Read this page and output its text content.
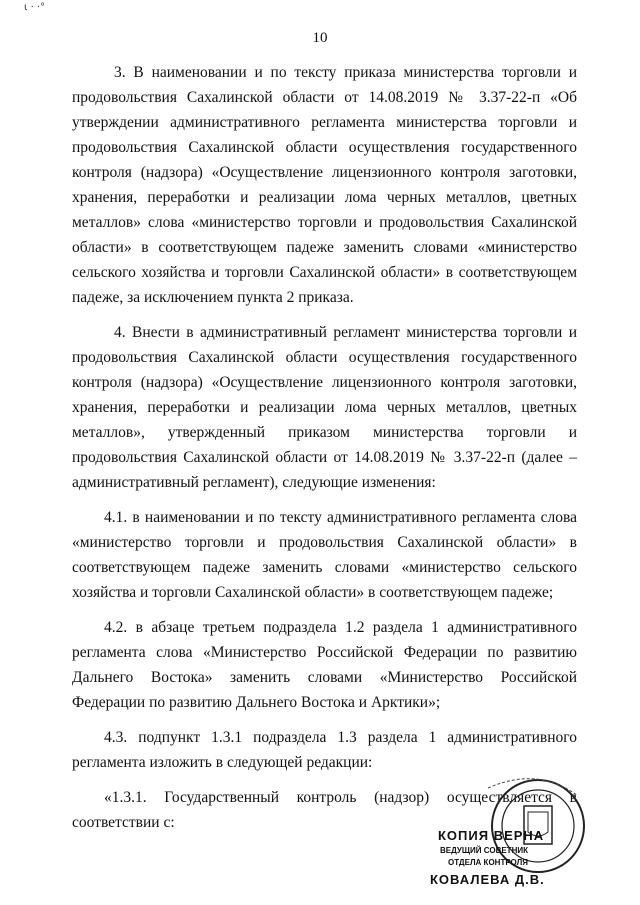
ι · ·°
10

3. В наименовании и по тексту приказа министерства торговли и продовольствия Сахалинской области от 14.08.2019 № 3.37-22-п «Об утверждении административного регламента министерства торговли и продовольствия Сахалинской области осуществления государственного контроля (надзора) «Осуществление лицензионного контроля заготовки, хранения, переработки и реализации лома черных металлов, цветных металлов» слова «министерство торговли и продовольствия Сахалинской области» в соответствующем падеже заменить словами «министерство сельского хозяйства и торговли Сахалинской области» в соответствующем падеже, за исключением пункта 2 приказа.

4. Внести в административный регламент министерства торговли и продовольствия Сахалинской области осуществления государственного контроля (надзора) «Осуществление лицензионного контроля заготовки, хранения, переработки и реализации лома черных металлов, цветных металлов», утвержденный приказом министерства торговли и продовольствия Сахалинской области от 14.08.2019 № 3.37-22-п (далее – административный регламент), следующие изменения:

4.1. в наименовании и по тексту административного регламента слова «министерство торговли и продовольствия Сахалинской области» в соответствующем падеже заменить словами «министерство сельского хозяйства и торговли Сахалинской области» в соответствующем падеже;

4.2. в абзаце третьем подраздела 1.2 раздела 1 административного регламента слова «Министерство Российской Федерации по развитию Дальнего Востока» заменить словами «Министерство Российской Федерации по развитию Дальнего Востока и Арктики»;

4.3. подпункт 1.3.1 подраздела 1.3 раздела 1 административного регламента изложить в следующей редакции:

«1.3.1. Государственный контроль (надзор) осуществляется в соответствии с:

КОПИЯ ВЕРНА
ВЕДУЩИЙ СОВЕТНИК
ОТДЕЛА КОНТРОЛЯ
КОВАЛЕВА Д.В.
